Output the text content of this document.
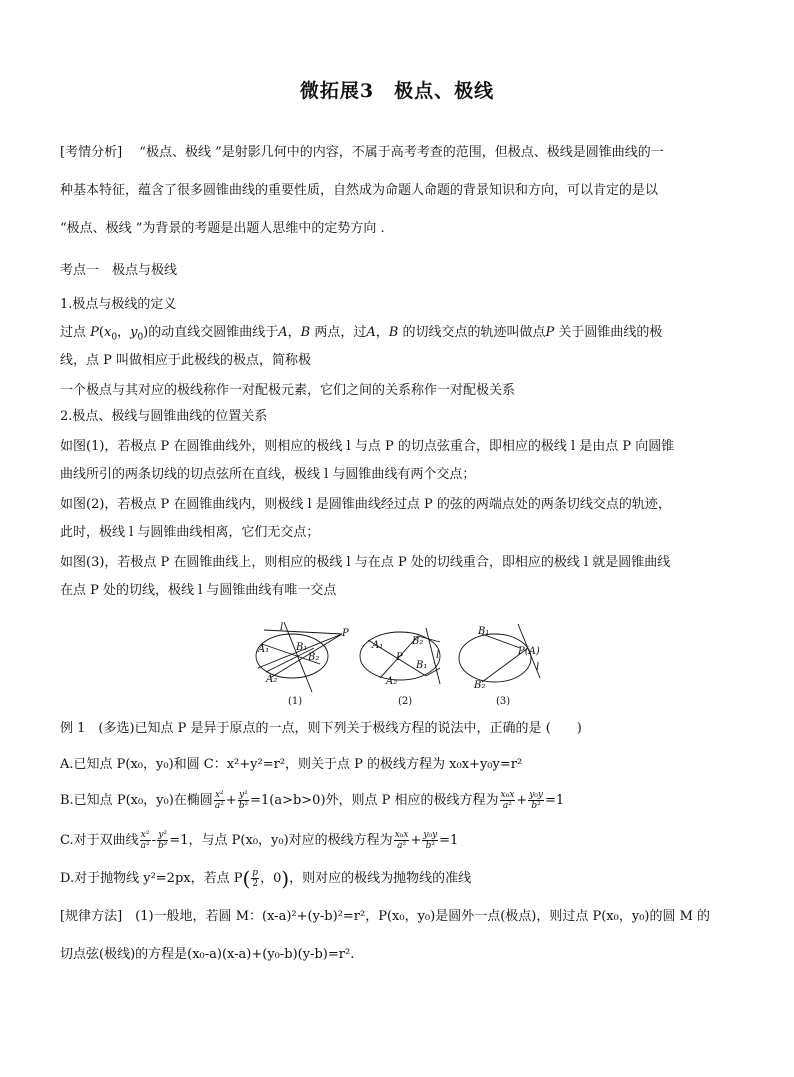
微拓展3　极点、极线
[考情分析]　 “极点、极线 ”是射影几何中的内容，不属于高考考查的范围，但极点、极线是圆锥曲线的一
种基本特征，蕴含了很多圆锥曲线的重要性质，自然成为命题人命题的背景知识和方向，可以肯定的是以
“极点、极线 ”为背景的考题是出题人思维中的定势方向 .
考点一　极点与极线
1.极点与极线的定义
过点 $P(x_0$，$y_0$)的动直线交圆锥曲线于A，B 两点，过A，B 的切线交点的轨迹叫做点P 关于圆锥曲线的极
线，点 P 叫做相应于此极线的极点，简称极
一个极点与其对应的极线称作一对配极元素，它们之间的关系称作一对配极关系
2.极点、极线与圆锥曲线的位置关系
如图(1)，若极点 P 在圆锥曲线外，则相应的极线 l 与点 P 的切点弦重合，即相应的极线 l 是由点 P 向圆锥
曲线所引的两条切线的切点弦所在直线，极线 l 与圆锥曲线有两个交点；
如图(2)，若极点 P 在圆锥曲线内，则极线 l 是圆锥曲线经过点 P 的弦的两端点处的两条切线交点的轨迹，
此时，极线 l 与圆锥曲线相离，它们无交点；
如图(3)，若极点 P 在圆锥曲线上，则相应的极线 l 与在点 P 处的切线重合，即相应的极线 l 就是圆锥曲线
在点 P 处的切线，极线 l 与圆锥曲线有唯一交点
l
P
A₁	B₁
B₂
A₂
A₁	B₂
P
B₁
A₂
l
B₁
P(A)
l
B₂
(1)	(2)	(3)
例 1　(多选)已知点 P 是异于原点的一点，则下列关于极线方程的说法中，正确的是 (　　)
A.已知点 P(x₀，y₀)和圆 C：x²+y²=r²，则关于点 P 的极线方程为 x₀x+y₀y=r²
B.已知点 P(x₀，y₀)在椭圆 $\frac{\text{x²}}{\text{a²}} + \frac{\text{y²}}{\text{b²}} =1(a>b>0)$外，则点 P 相应的极线方程为 $\frac{\text{x₀x}}{\text{a²}} + \frac{\text{y₀y}}{\text{b²}} =1$
C.对于双曲线 $\frac{\text{x²}}{\text{a²}} - \frac{\text{y²}}{\text{b²}} =1$，与点 P(x₀，y₀)对应的极线方程为 $\frac{\text{x₀x}}{\text{a²}} + \frac{\text{y₀y}}{\text{b²}} =1$
D.对于抛物线 y²=2px，若点 $P( \frac{p}{2}$ ，0)，则对应的极线为抛物线的准线
[规律方法]　(1)一般地，若圆 M：(x-a)²+(y-b)²=r²，P(x₀，y₀)是圆外一点(极点)，则过点 P(x₀，y₀)的圆 M 的
切点弦(极线)的方程是(x₀-a)(x-a)+(y₀-b)(y-b)=r².
